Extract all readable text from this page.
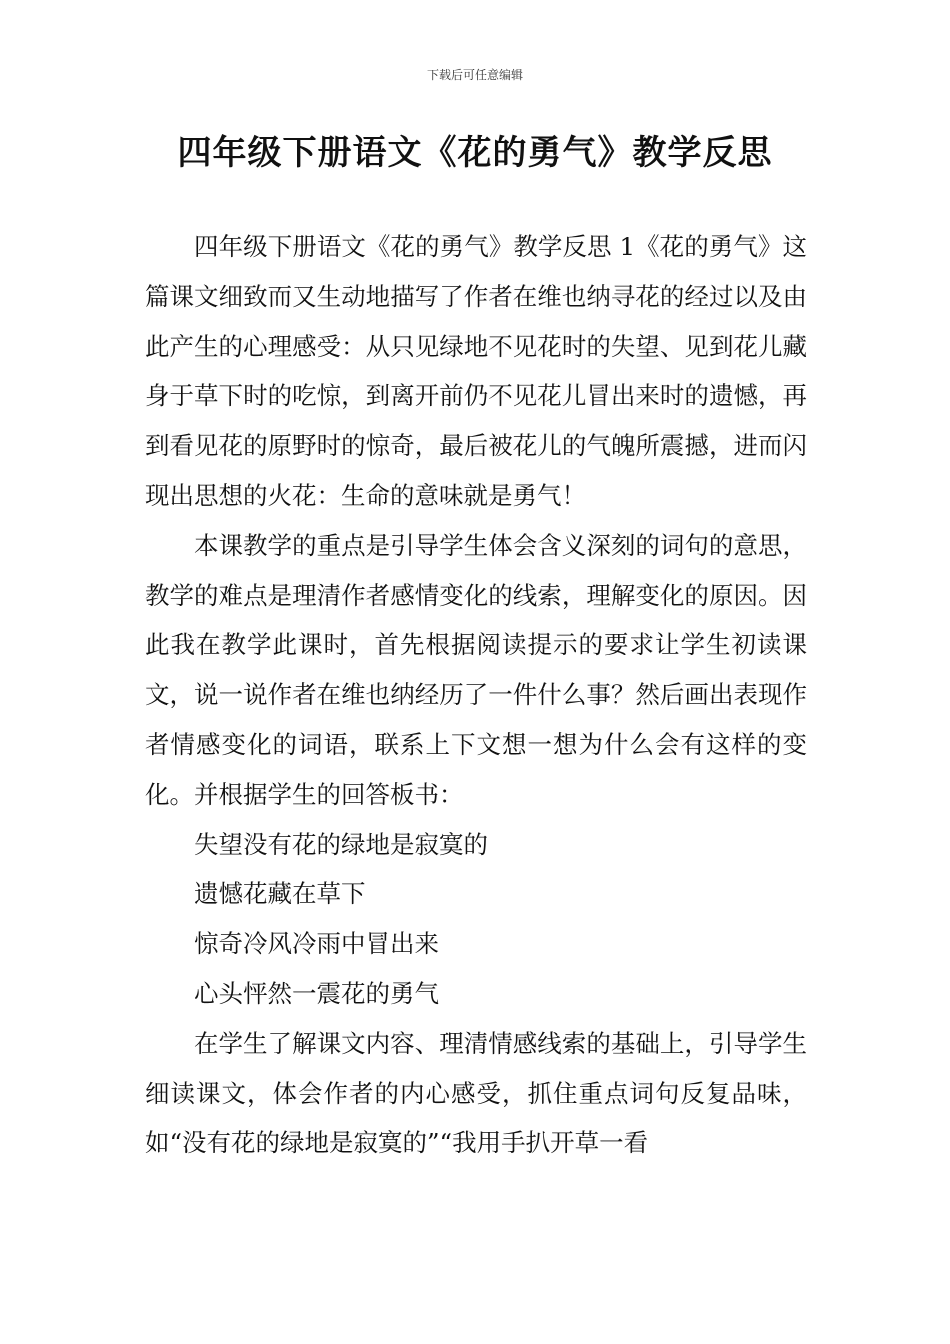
下载后可任意编辑
四年级下册语文《花的勇气》教学反思

四年级下册语文《花的勇气》教学反思 1《花的勇气》这篇课文细致而又生动地描写了作者在维也纳寻花的经过以及由此产生的心理感受：从只见绿地不见花时的失望、见到花儿藏身于草下时的吃惊，到离开前仍不见花儿冒出来时的遗憾，再到看见花的原野时的惊奇，最后被花儿的气魄所震撼，进而闪现出思想的火花：生命的意味就是勇气！

本课教学的重点是引导学生体会含义深刻的词句的意思，教学的难点是理清作者感情变化的线索，理解变化的原因。因此我在教学此课时，首先根据阅读提示的要求让学生初读课文，说一说作者在维也纳经历了一件什么事？然后画出表现作者情感变化的词语，联系上下文想一想为什么会有这样的变化。并根据学生的回答板书：

失望没有花的绿地是寂寞的

遗憾花藏在草下

惊奇冷风冷雨中冒出来

心头怦然一震花的勇气

在学生了解课文内容、理清情感线索的基础上，引导学生细读课文，体会作者的内心感受，抓住重点词句反复品味，如“没有花的绿地是寂寞的”“我用手扒开草一看
